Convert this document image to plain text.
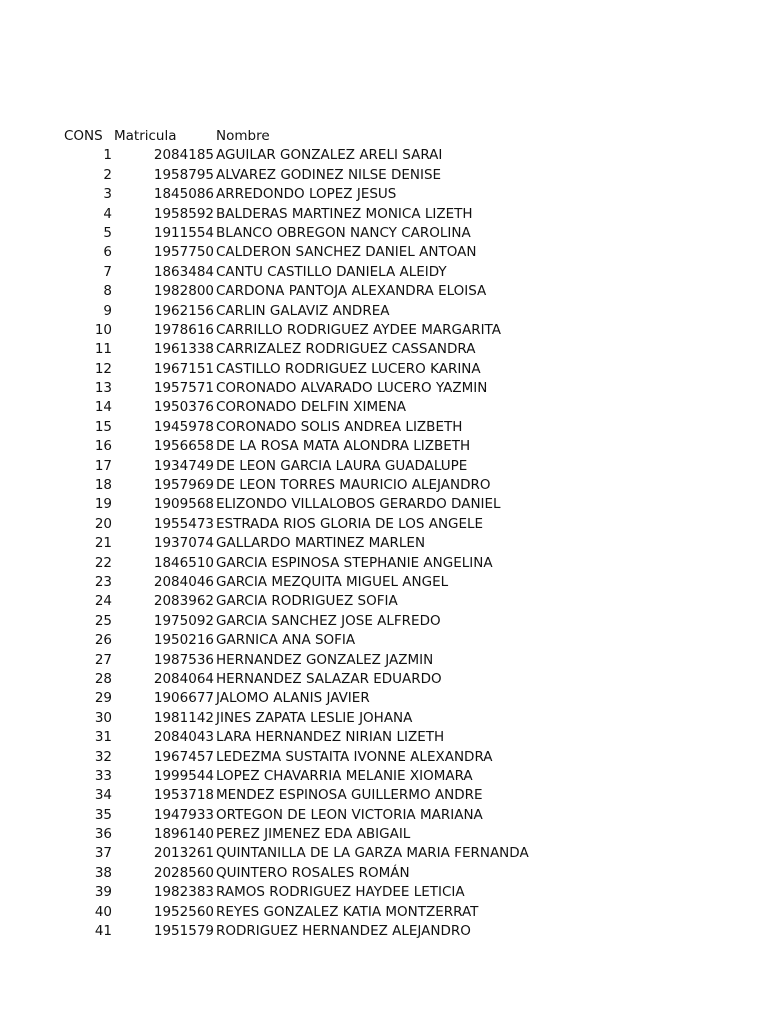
CONS Matricula	Nombre
1	2084185 AGUILAR GONZALEZ ARELI SARAI
2	1958795 ALVAREZ GODINEZ NILSE DENISE
3	1845086 ARREDONDO LOPEZ JESUS
4	1958592 BALDERAS MARTINEZ MONICA LIZETH
5	1911554 BLANCO OBREGON NANCY CAROLINA
6	1957750 CALDERON SANCHEZ DANIEL ANTOAN
7	1863484 CANTU CASTILLO DANIELA ALEIDY
8	1982800 CARDONA PANTOJA ALEXANDRA ELOISA
9	1962156 CARLIN GALAVIZ ANDREA
10	1978616 CARRILLO RODRIGUEZ AYDEE MARGARITA
11	1961338 CARRIZALEZ RODRIGUEZ CASSANDRA
12	1967151 CASTILLO RODRIGUEZ LUCERO KARINA
13	1957571 CORONADO ALVARADO LUCERO YAZMIN
14	1950376 CORONADO DELFIN XIMENA
15	1945978 CORONADO SOLIS ANDREA LIZBETH
16	1956658 DE LA ROSA MATA ALONDRA LIZBETH
17	1934749 DE LEON GARCIA LAURA GUADALUPE
18	1957969 DE LEON TORRES MAURICIO ALEJANDRO
19	1909568 ELIZONDO VILLALOBOS GERARDO DANIEL
20	1955473 ESTRADA RIOS GLORIA DE LOS ANGELE
21	1937074 GALLARDO MARTINEZ MARLEN
22	1846510 GARCIA ESPINOSA STEPHANIE ANGELINA
23	2084046 GARCIA MEZQUITA MIGUEL ANGEL
24	2083962 GARCIA RODRIGUEZ SOFIA
25	1975092 GARCIA SANCHEZ JOSE ALFREDO
26	1950216 GARNICA ANA SOFIA
27	1987536 HERNANDEZ GONZALEZ JAZMIN
28	2084064 HERNANDEZ SALAZAR EDUARDO
29	1906677 JALOMO ALANIS JAVIER
30	1981142 JINES ZAPATA LESLIE JOHANA
31	2084043 LARA HERNANDEZ NIRIAN LIZETH
32	1967457 LEDEZMA SUSTAITA IVONNE ALEXANDRA
33	1999544 LOPEZ CHAVARRIA MELANIE XIOMARA
34	1953718 MENDEZ ESPINOSA GUILLERMO ANDRE
35	1947933 ORTEGON DE LEON VICTORIA MARIANA
36	1896140 PEREZ JIMENEZ EDA ABIGAIL
37	2013261 QUINTANILLA DE LA GARZA MARIA FERNANDA
38	2028560 QUINTERO ROSALES ROMÁN
39	1982383 RAMOS RODRIGUEZ HAYDEE LETICIA
40	1952560 REYES GONZALEZ KATIA MONTZERRAT
41	1951579 RODRIGUEZ HERNANDEZ ALEJANDRO
